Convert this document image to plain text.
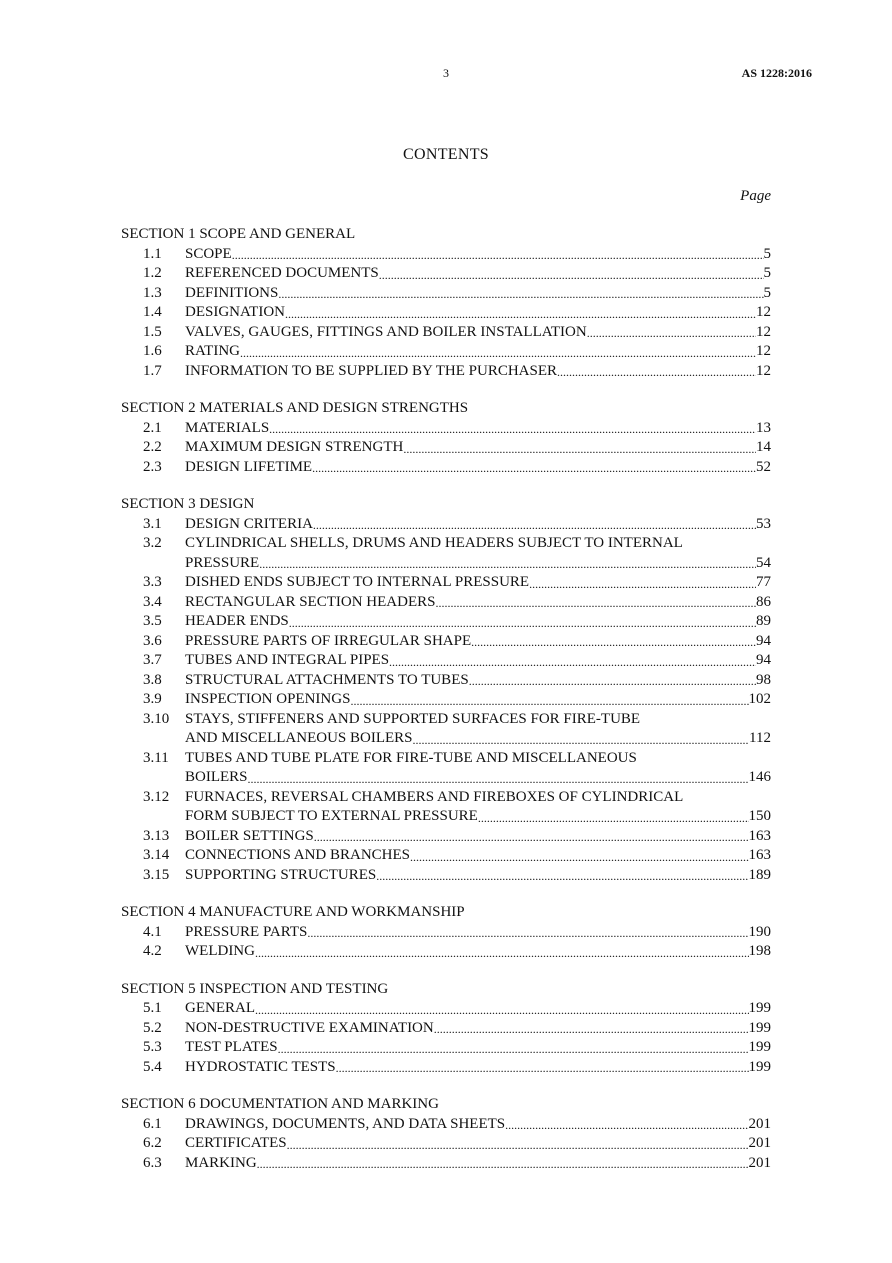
3	AS 1228:2016
CONTENTS
Page
SECTION 1 SCOPE AND GENERAL
1.1	SCOPE .....	5
1.2	REFERENCED DOCUMENTS .....	5
1.3	DEFINITIONS .....	5
1.4	DESIGNATION .....	12
1.5	VALVES, GAUGES, FITTINGS AND BOILER INSTALLATION .....	12
1.6	RATING .....	12
1.7	INFORMATION TO BE SUPPLIED BY THE PURCHASER .....	12
SECTION 2 MATERIALS AND DESIGN STRENGTHS
2.1	MATERIALS .....	13
2.2	MAXIMUM DESIGN STRENGTH .....	14
2.3	DESIGN LIFETIME .....	52
SECTION 3 DESIGN
3.1	DESIGN CRITERIA .....	53
3.2	CYLINDRICAL SHELLS, DRUMS AND HEADERS SUBJECT TO INTERNAL
PRESSURE .....	54
3.3	DISHED ENDS SUBJECT TO INTERNAL PRESSURE .....	77
3.4	RECTANGULAR SECTION HEADERS .....	86
3.5	HEADER ENDS .....	89
3.6	PRESSURE PARTS OF IRREGULAR SHAPE .....	94
3.7	TUBES AND INTEGRAL PIPES .....	94
3.8	STRUCTURAL ATTACHMENTS TO TUBES .....	98
3.9	INSPECTION OPENINGS .....	102
3.10	STAYS, STIFFENERS AND SUPPORTED SURFACES FOR FIRE-TUBE
AND MISCELLANEOUS BOILERS .....	112
3.11	TUBES AND TUBE PLATE FOR FIRE-TUBE AND MISCELLANEOUS
BOILERS .....	146
3.12	FURNACES, REVERSAL CHAMBERS AND FIREBOXES OF CYLINDRICAL
FORM SUBJECT TO EXTERNAL PRESSURE .....	150
3.13	BOILER SETTINGS .....	163
3.14	CONNECTIONS AND BRANCHES .....	163
3.15	SUPPORTING STRUCTURES .....	189
SECTION 4 MANUFACTURE AND WORKMANSHIP
4.1	PRESSURE PARTS .....	190
4.2	WELDING .....	198
SECTION 5 INSPECTION AND TESTING
5.1	GENERAL .....	199
5.2	NON-DESTRUCTIVE EXAMINATION .....	199
5.3	TEST PLATES .....	199
5.4	HYDROSTATIC TESTS .....	199
SECTION 6 DOCUMENTATION AND MARKING
6.1	DRAWINGS, DOCUMENTS, AND DATA SHEETS .....	201
6.2	CERTIFICATES .....	201
6.3	MARKING .....	201
